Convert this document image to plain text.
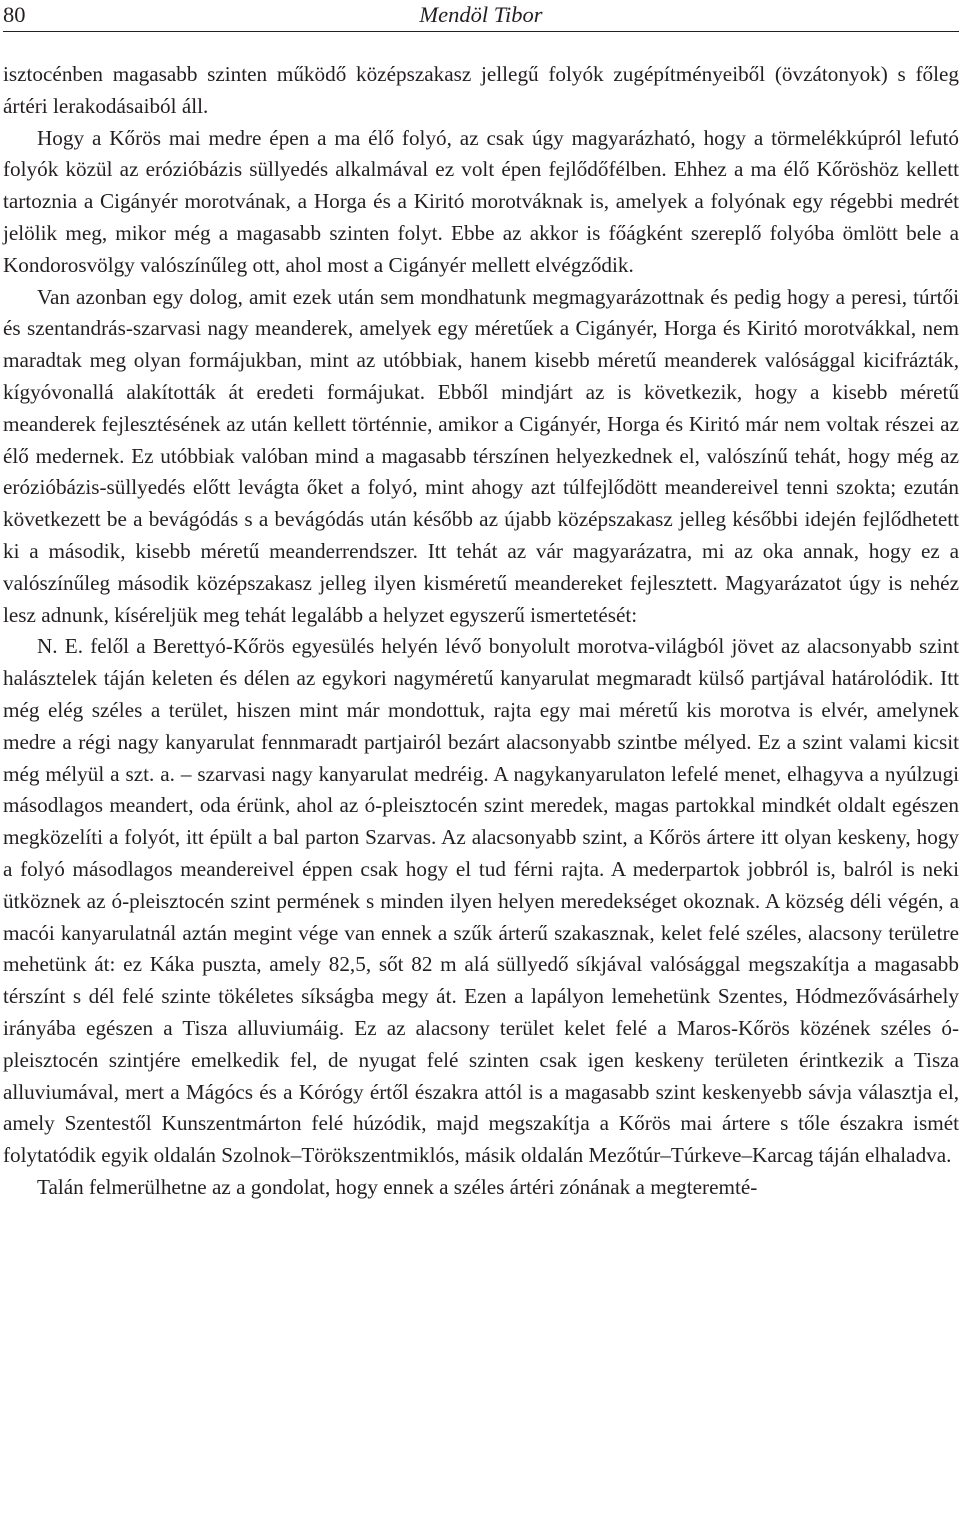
80	Mendöl Tibor

isztocénben magasabb szinten működő középszakasz jellegű folyók zugépítményeiből (övzátonyok) s főleg ártéri lerakodásaiból áll.

Hogy a Kőrös mai medre épen a ma élő folyó, az csak úgy magyarázható, hogy a törmelékkúpról lefutó folyók közül az erózióbázis süllyedés alkalmával ez volt épen fejlődőfélben. Ehhez a ma élő Kőröshöz kellett tartoznia a Cigányér morotvának, a Horga és a Kiritó morotváknak is, amelyek a folyónak egy régebbi medrét jelölik meg, mikor még a magasabb szinten folyt. Ebbe az akkor is főágként szereplő folyóba ömlött bele a Kondorosvölgy valószínűleg ott, ahol most a Cigányér mellett elvégződik.

Van azonban egy dolog, amit ezek után sem mondhatunk megmagyarázottnak és pedig hogy a peresi, túrtői és szentandrás-szarvasi nagy meanderek, amelyek egy méretűek a Cigányér, Horga és Kiritó morotvákkal, nem maradtak meg olyan formájukban, mint az utóbbiak, hanem kisebb méretű meanderek valósággal kicifrázták, kígyóvonallá alakították át eredeti formájukat. Ebből mindjárt az is következik, hogy a kisebb méretű meanderek fejlesztésének az után kellett történnie, amikor a Cigányér, Horga és Kiritó már nem voltak részei az élő medernek. Ez utóbbiak valóban mind a magasabb térszínen helyezkednek el, valószínű tehát, hogy még az erózióbázis-süllyedés előtt levágta őket a folyó, mint ahogy azt túlfejlődött meandereivel tenni szokta; ezután következett be a bevágódás s a bevágódás után később az újabb középszakasz jelleg későbbi idején fejlődhetett ki a második, kisebb méretű meanderrendszer. Itt tehát az vár magyarázatra, mi az oka annak, hogy ez a valószínűleg második középszakasz jelleg ilyen kisméretű meandereket fejlesztett. Magyarázatot úgy is nehéz lesz adnunk, kíséreljük meg tehát legalább a helyzet egyszerű ismertetését:

N. E. felől a Berettyó-Kőrös egyesülés helyén lévő bonyolult morotva-világból jövet az alacsonyabb szint halásztelek táján keleten és délen az egykori nagyméretű kanyarulat megmaradt külső partjával határolódik. Itt még elég széles a terület, hiszen mint már mondottuk, rajta egy mai méretű kis morotva is elvér, amelynek medre a régi nagy kanyarulat fennmaradt partjairól bezárt alacsonyabb szintbe mélyed. Ez a szint valami kicsit még mélyül a szt. a. – szarvasi nagy kanyarulat medréig. A nagykanyarulaton lefelé menet, elhagyva a nyúlzugi másodlagos meandert, oda érünk, ahol az ó-pleisztocén szint meredek, magas partokkal mindkét oldalt egészen megközelíti a folyót, itt épült a bal parton Szarvas. Az alacsonyabb szint, a Kőrös ártere itt olyan keskeny, hogy a folyó másodlagos meandereivel éppen csak hogy el tud férni rajta. A mederpartok jobbról is, balról is neki ütköznek az ó-pleisztocén szint permének s minden ilyen helyen meredekséget okoznak. A község déli végén, a macói kanyarulatnál aztán megint vége van ennek a szűk árterű szakasznak, kelet felé széles, alacsony területre mehetünk át: ez Káka puszta, amely 82,5, sőt 82 m alá süllyedő síkjával valósággal megszakítja a magasabb térszínt s dél felé szinte tökéletes síkságba megy át. Ezen a lapályon lemehetünk Szentes, Hódmezővásárhely irányába egészen a Tisza alluviumáig. Ez az alacsony terület kelet felé a Maros-Kőrös közének széles ó-pleisztocén szintjére emelkedik fel, de nyugat felé szinten csak igen keskeny területen érintkezik a Tisza alluviumával, mert a Mágócs és a Kórógy értől északra attól is a magasabb szint keskenyebb sávja választja el, amely Szentestől Kunszentmárton felé húzódik, majd megszakítja a Kőrös mai árterе s tőle északra ismét folytatódik egyik oldalán Szolnok–Törökszentmiklós, másik oldalán Mezőtúr–Túrkeve–Karcag táján elhaladva.

Talán felmerülhetne az a gondolat, hogy ennek a széles ártéri zónának a megteremté-
